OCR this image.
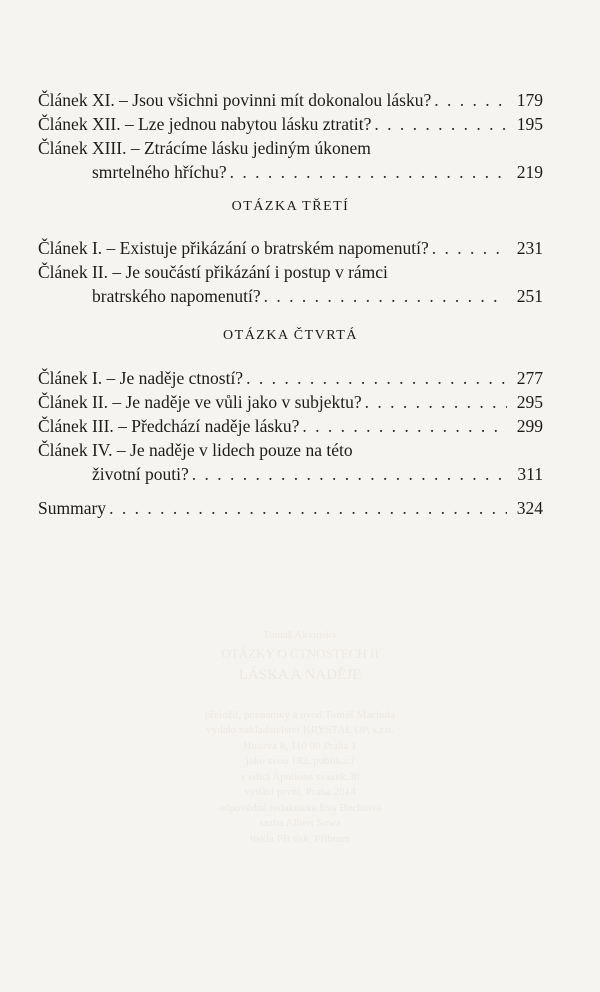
Článek XI. – Jsou všichni povinni mít dokonalou lásku? . . .	179
Článek XII. – Lze jednou nabytou lásku ztratit? . . .	195
Článek XIII. – Ztrácíme lásku jediným úkonem
smrtelného hříchu? . . .	219
OTÁZKA TŘETÍ
Článek I. – Existuje přikázání o bratrském napomenutí? . . .	231
Článek II. – Je součástí přikázání i postup v rámci
bratrského napomenutí? . . .	251
OTÁZKA ČTVRTÁ
Článek I. – Je naděje ctností? . . .	277
Článek II. – Je naděje ve vůli jako v subjektu? . . .	295
Článek III. – Předchází naděje lásku? . . .	299
Článek IV. – Je naděje v lidech pouze na této
životní pouti? . . .	311
Summary . . .	324
Tomáš Akvinský
OTÁZKY O CTNOSTECH II
LÁSKA A NADĚJE
přeložil, poznámky a úvod Tomáš Machula
vydalo nakladatelství KRYSTAL OP, s.r.o.
Husova 8, 110 00 Praha 1
jako svou 182. publikaci
v edici Apoliona svazek 30
vydání první, Praha 2014
odpovědná redaktorka Eva Buchtová
sazba Albert Sowa
tiskla PB tisk, Příbram
